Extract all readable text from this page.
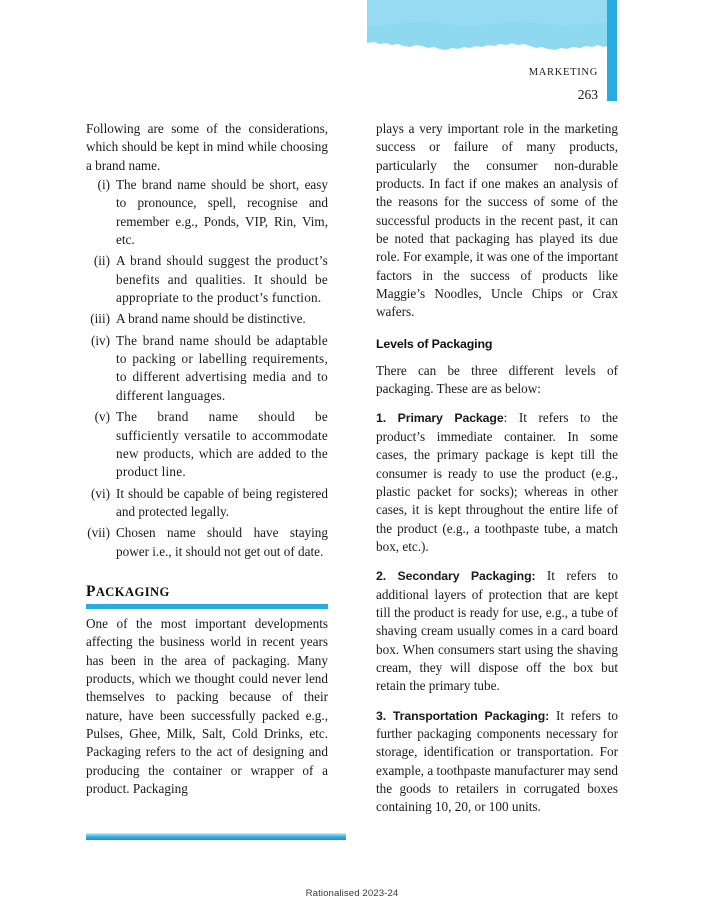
MARKETING
263

Following are some of the considerations, which should be kept in mind while choosing a brand name.

(i) The brand name should be short, easy to pronounce, spell, recognise and remember e.g., Ponds, VIP, Rin, Vim, etc.
(ii) A brand should suggest the product’s benefits and qualities. It should be appropriate to the product’s function.
(iii) A brand name should be distinctive.
(iv) The brand name should be adaptable to packing or labelling requirements, to different advertising media and to different languages.
(v) The brand name should be sufficiently versatile to accommodate new products, which are added to the product line.
(vi) It should be capable of being registered and protected legally.
(vii) Chosen name should have staying power i.e., it should not get out of date.
PACKAGING

One of the most important developments affecting the business world in recent years has been in the area of packaging. Many products, which we thought could never lend themselves to packing because of their nature, have been successfully packed e.g., Pulses, Ghee, Milk, Salt, Cold Drinks, etc. Packaging refers to the act of designing and producing the container or wrapper of a product. Packaging

plays a very important role in the marketing success or failure of many products, particularly the consumer non-durable products. In fact if one makes an analysis of the reasons for the success of some of the successful products in the recent past, it can be noted that packaging has played its due role. For example, it was one of the important factors in the success of products like Maggie’s Noodles, Uncle Chips or Crax wafers.

Levels of Packaging

There can be three different levels of packaging. These are as below:

1. Primary Package: It refers to the product’s immediate container. In some cases, the primary package is kept till the consumer is ready to use the product (e.g., plastic packet for socks); whereas in other cases, it is kept throughout the entire life of the product (e.g., a toothpaste tube, a match box, etc.).

2. Secondary Packaging: It refers to additional layers of protection that are kept till the product is ready for use, e.g., a tube of shaving cream usually comes in a card board box. When consumers start using the shaving cream, they will dispose off the box but retain the primary tube.

3. Transportation Packaging: It refers to further packaging components necessary for storage, identification or transportation. For example, a toothpaste manufacturer may send the goods to retailers in corrugated boxes containing 10, 20, or 100 units.

Rationalised 2023-24
